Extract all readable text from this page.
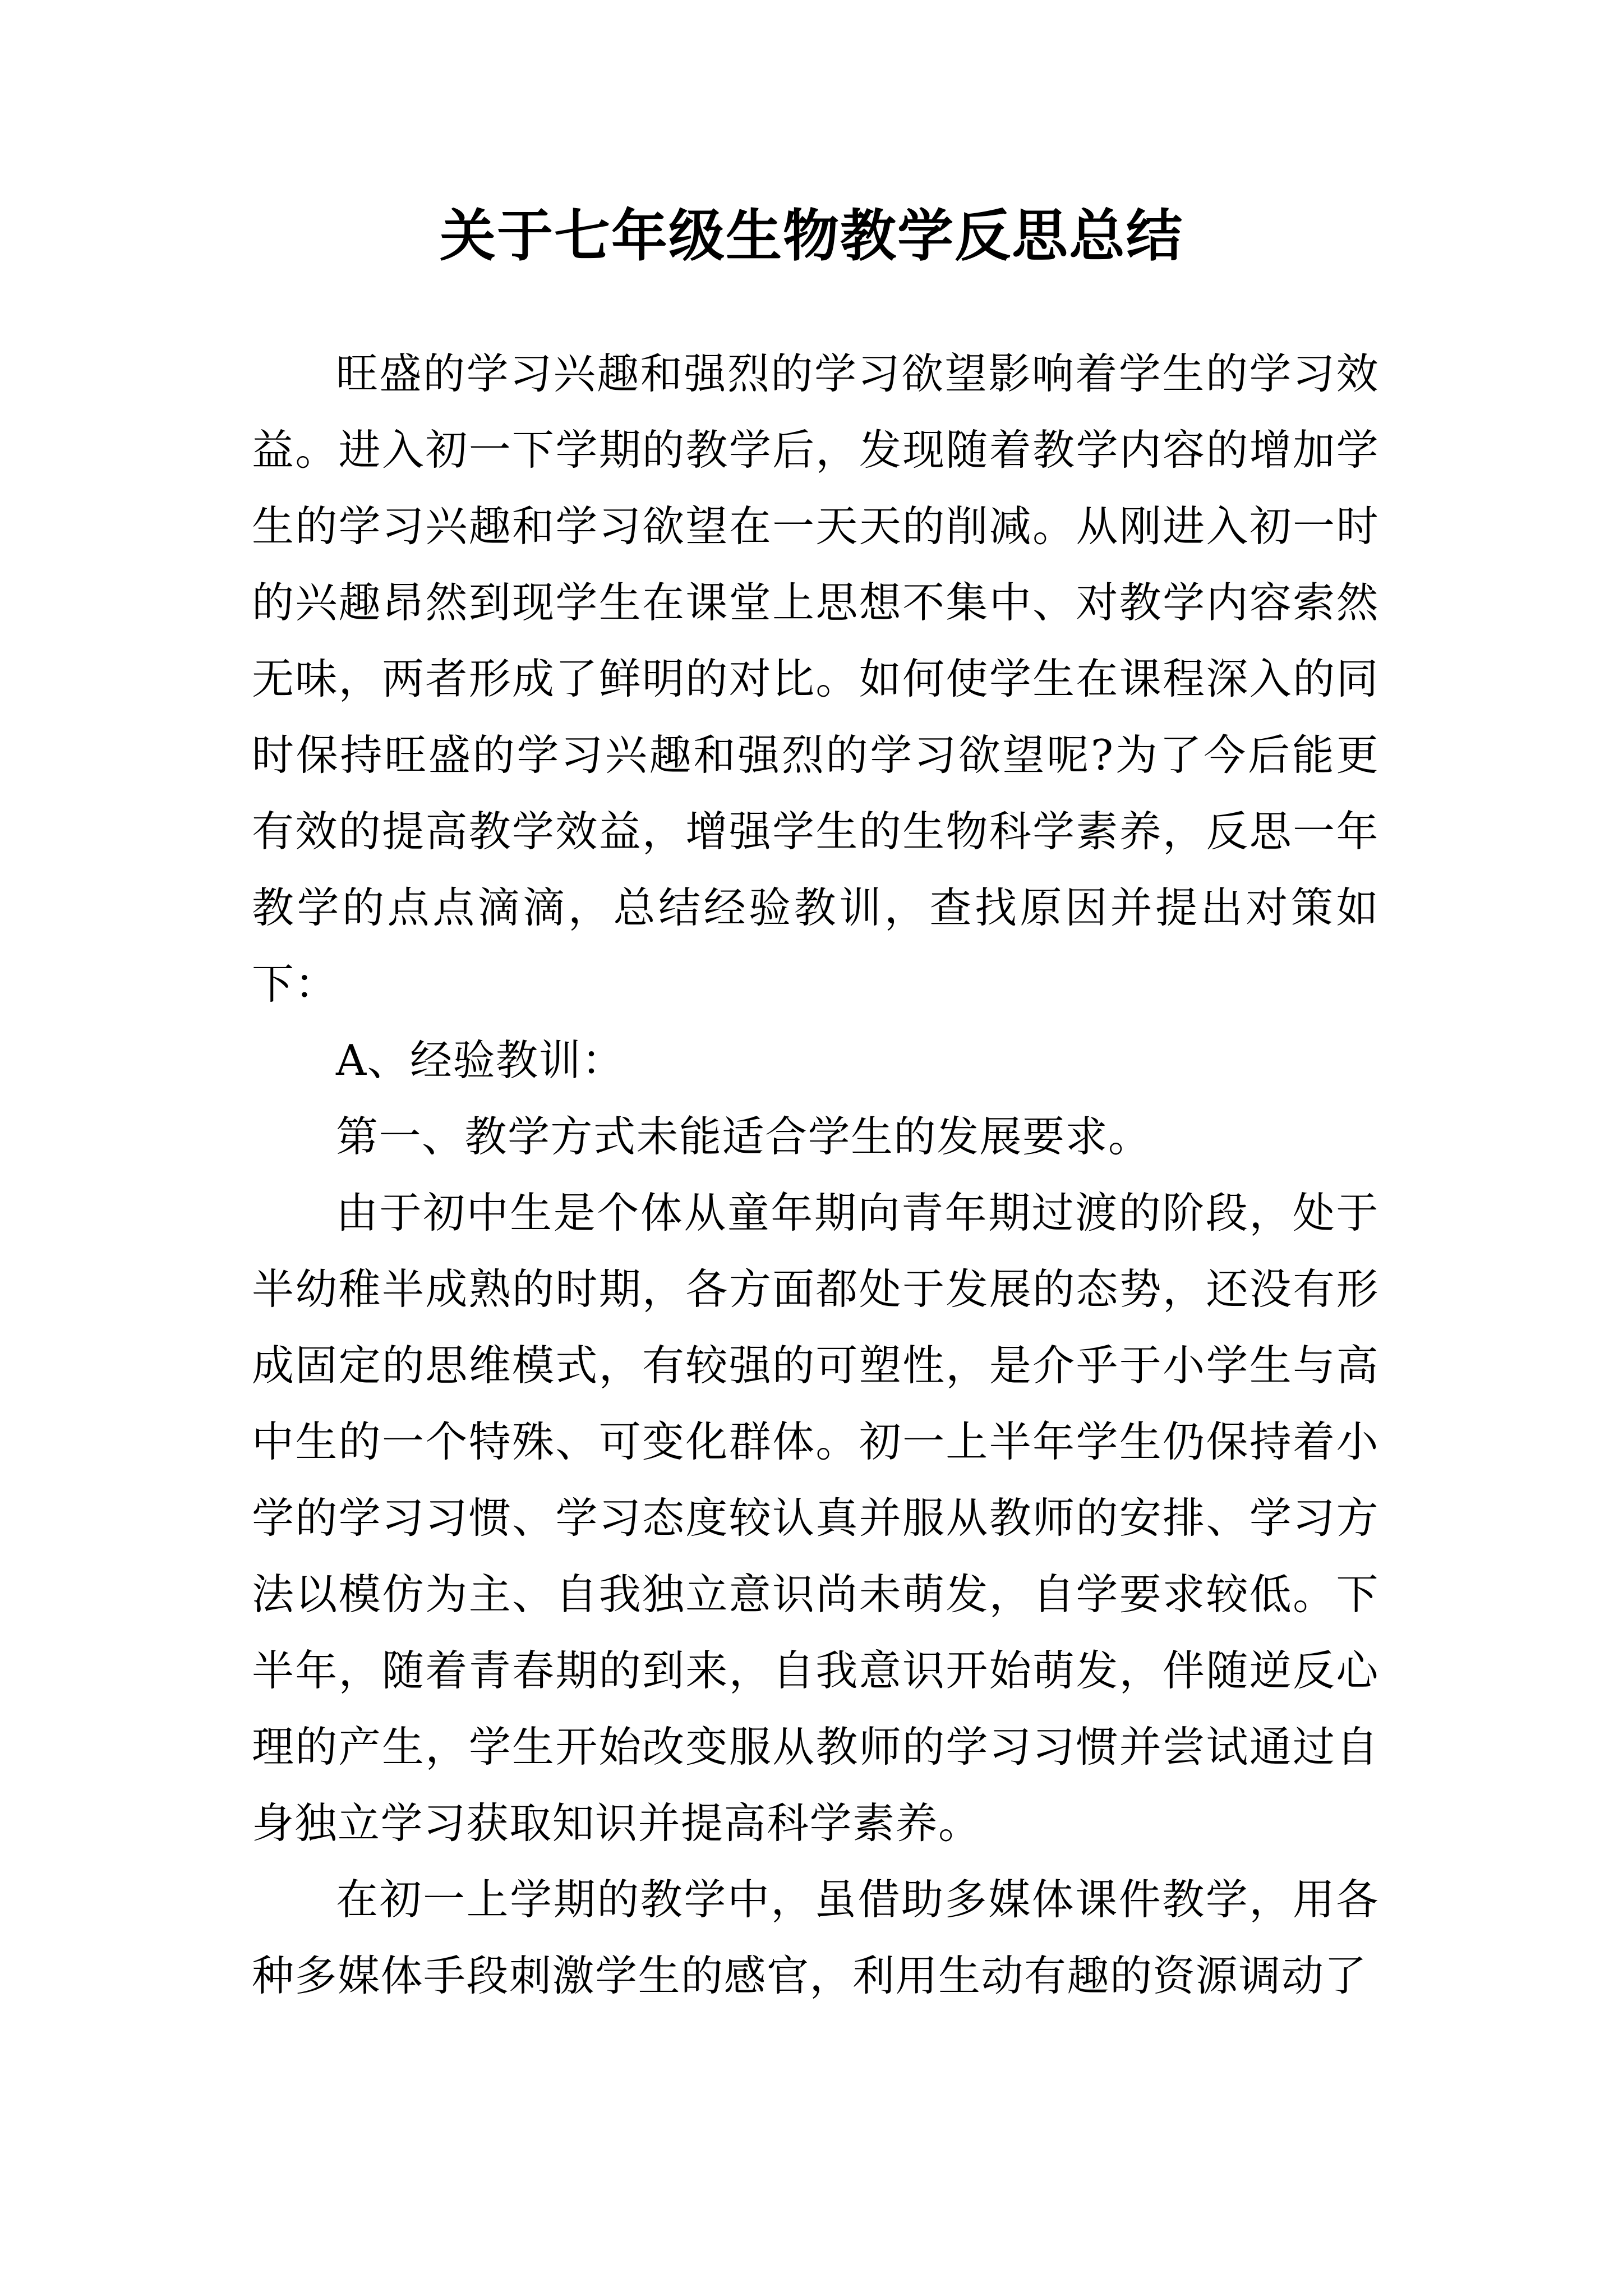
关于七年级生物教学反思总结

旺盛的学习兴趣和强烈的学习欲望影响着学生的学习效益。进入初一下学期的教学后，发现随着教学内容的增加学生的学习兴趣和学习欲望在一天天的削减。从刚进入初一时的兴趣昂然到现学生在课堂上思想不集中、对教学内容索然无味，两者形成了鲜明的对比。如何使学生在课程深入的同时保持旺盛的学习兴趣和强烈的学习欲望呢?为了今后能更有效的提高教学效益，增强学生的生物科学素养，反思一年教学的点点滴滴，总结经验教训，查找原因并提出对策如下：

A、经验教训：

第一、教学方式未能适合学生的发展要求。

由于初中生是个体从童年期向青年期过渡的阶段，处于半幼稚半成熟的时期，各方面都处于发展的态势，还没有形成固定的思维模式，有较强的可塑性，是介乎于小学生与高中生的一个特殊、可变化群体。初一上半年学生仍保持着小学的学习习惯、学习态度较认真并服从教师的安排、学习方法以模仿为主、自我独立意识尚未萌发，自学要求较低。下半年，随着青春期的到来，自我意识开始萌发，伴随逆反心理的产生，学生开始改变服从教师的学习习惯并尝试通过自身独立学习获取知识并提高科学素养。

在初一上学期的教学中，虽借助多媒体课件教学，用各种多媒体手段刺激学生的感官，利用生动有趣的资源调动了
